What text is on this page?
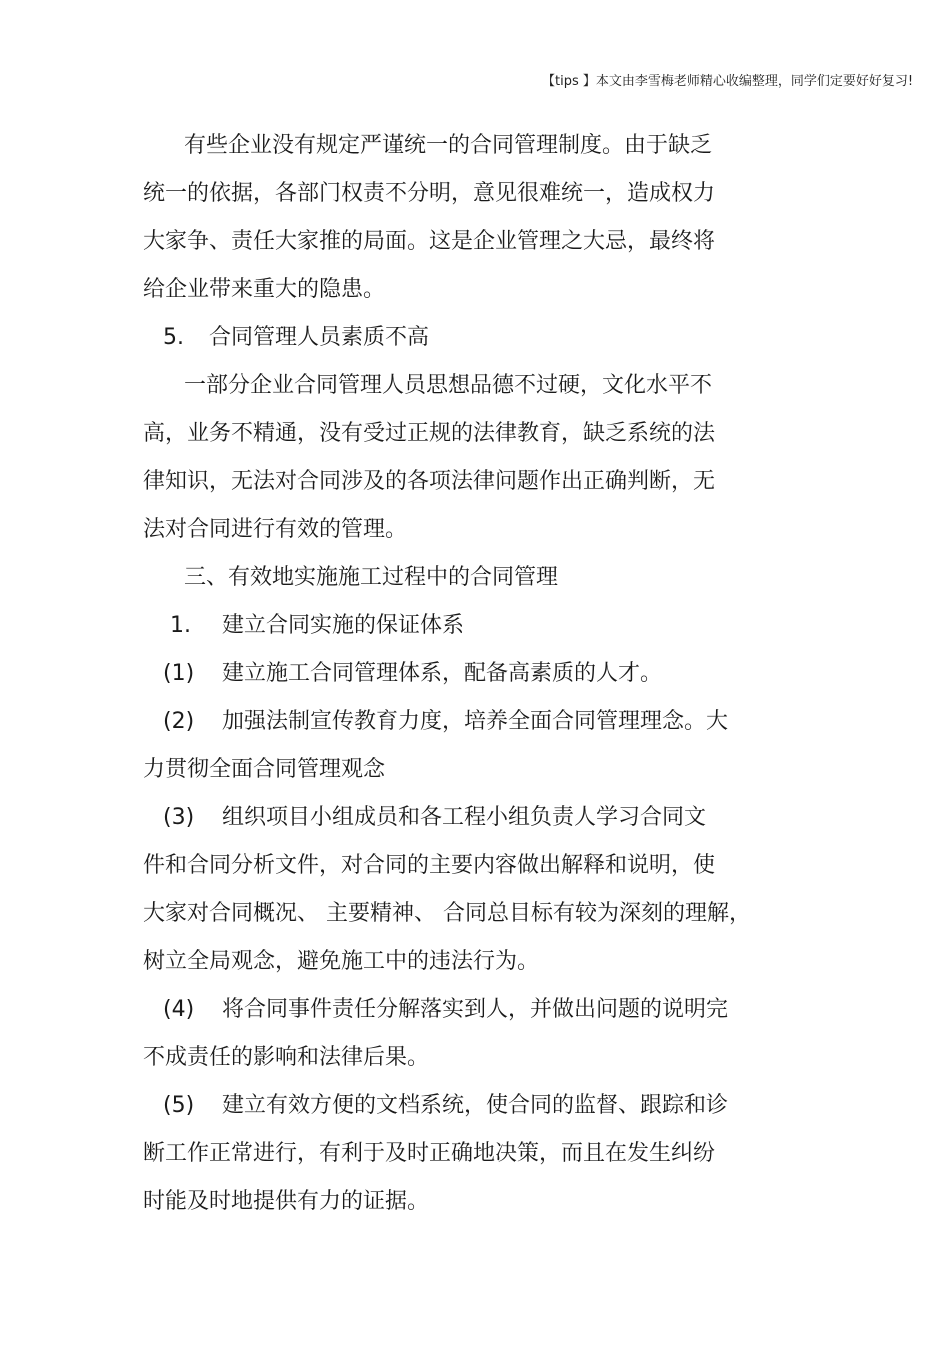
【tips 】本文由李雪梅老师精心收编整理，同学们定要好好复习!
有些企业没有规定严谨统一的合同管理制度。由于缺乏
统一的依据，各部门权责不分明，意见很难统一，造成权力
大家争、责任大家推的局面。这是企业管理之大忌，最终将
给企业带来重大的隐患。
5. 合同管理人员素质不高
一部分企业合同管理人员思想品德不过硬，文化水平不
高，业务不精通，没有受过正规的法律教育，缺乏系统的法
律知识，无法对合同涉及的各项法律问题作出正确判断，无
法对合同进行有效的管理。
三、有效地实施施工过程中的合同管理
1. 建立合同实施的保证体系
(1) 建立施工合同管理体系，配备高素质的人才。
(2) 加强法制宣传教育力度，培养全面合同管理理念。大
力贯彻全面合同管理观念
(3) 组织项目小组成员和各工程小组负责人学习合同文
件和合同分析文件，对合同的主要内容做出解释和说明，使
大家对合同概况、 主要精神、 合同总目标有较为深刻的理解，
树立全局观念，避免施工中的违法行为。
(4) 将合同事件责任分解落实到人，并做出问题的说明完
不成责任的影响和法律后果。
(5) 建立有效方便的文档系统，使合同的监督、跟踪和诊
断工作正常进行，有利于及时正确地决策，而且在发生纠纷
时能及时地提供有力的证据。
